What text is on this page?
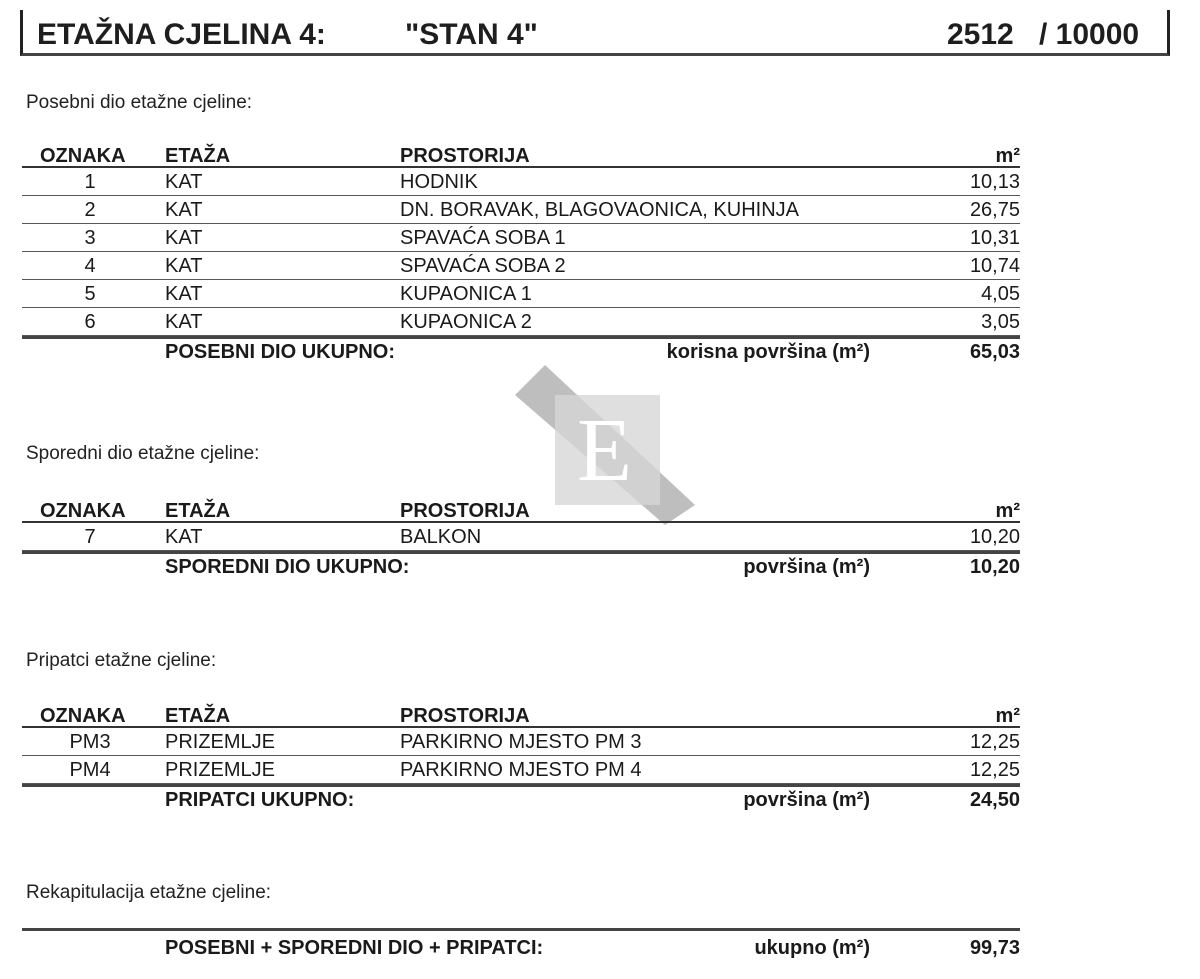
ETAŽNA CJELINA 4:	"STAN 4"	2512 / 10000
Posebni dio etažne cjeline:
OZNAKA ETAŽA	PROSTORIJA	m²
1	KAT	HODNIK	10,13
2	KAT	DN. BORAVAK, BLAGOVAONICA, KUHINJA	26,75
3	KAT	SPAVAĆA SOBA 1	10,31
4	KAT	SPAVAĆA SOBA 2	10,74
5	KAT	KUPAONICA 1	4,05
6	KAT	KUPAONICA 2	3,05
POSEBNI DIO UKUPNO:	korisna površina (m²)	65,03
E
Sporedni dio etažne cjeline:
OZNAKA ETAŽA	PROSTORIJA	m²
7	KAT	BALKON	10,20
SPOREDNI DIO UKUPNO:	površina (m²)	10,20
Pripatci etažne cjeline:
OZNAKA ETAŽA	PROSTORIJA	m²
PM3	PRIZEMLJE	PARKIRNO MJESTO PM 3	12,25
PM4	PRIZEMLJE	PARKIRNO MJESTO PM 4	12,25
PRIPATCI UKUPNO:	površina (m²)	24,50
Rekapitulacija etažne cjeline:
POSEBNI + SPOREDNI DIO + PRIPATCI:	ukupno (m²)	99,73
